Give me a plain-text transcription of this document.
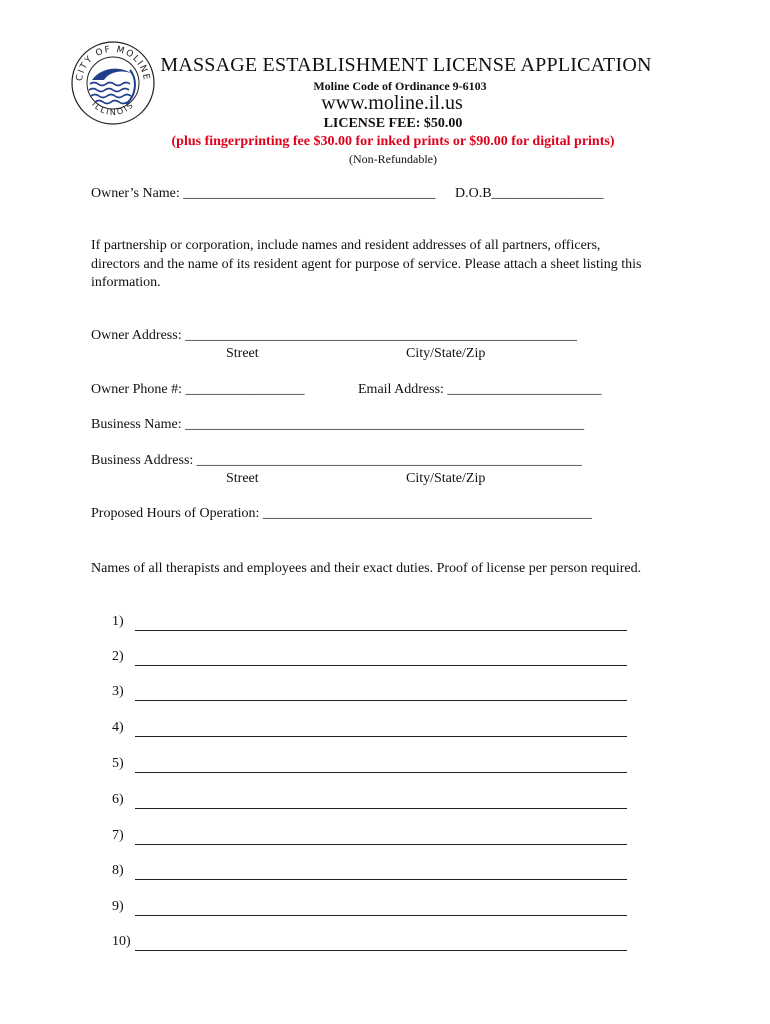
CITY OF MOLINE
ILLINOIS
MASSAGE ESTABLISHMENT LICENSE APPLICATION
Moline Code of Ordinance 9-6103
www.moline.il.us
LICENSE FEE: $50.00
(plus fingerprinting fee $30.00 for inked prints or $90.00 for digital prints)
(Non-Refundable)
Owner’s Name: ____________________________________ D.O.B________________
If partnership or corporation, include names and resident addresses of all partners, officers, directors and the name of its resident agent for purpose of service. Please attach a sheet listing this information.
Owner Address: ________________________________________________________
Street	City/State/Zip
Owner Phone #: _________________	Email Address: ______________________
Business Name: _________________________________________________________
Business Address: _______________________________________________________
Street	City/State/Zip
Proposed Hours of Operation: _______________________________________________
Names of all therapists and employees and their exact duties. Proof of license per person required.
1)
2)
3)
4)
5)
6)
7)
8)
9)
10)
